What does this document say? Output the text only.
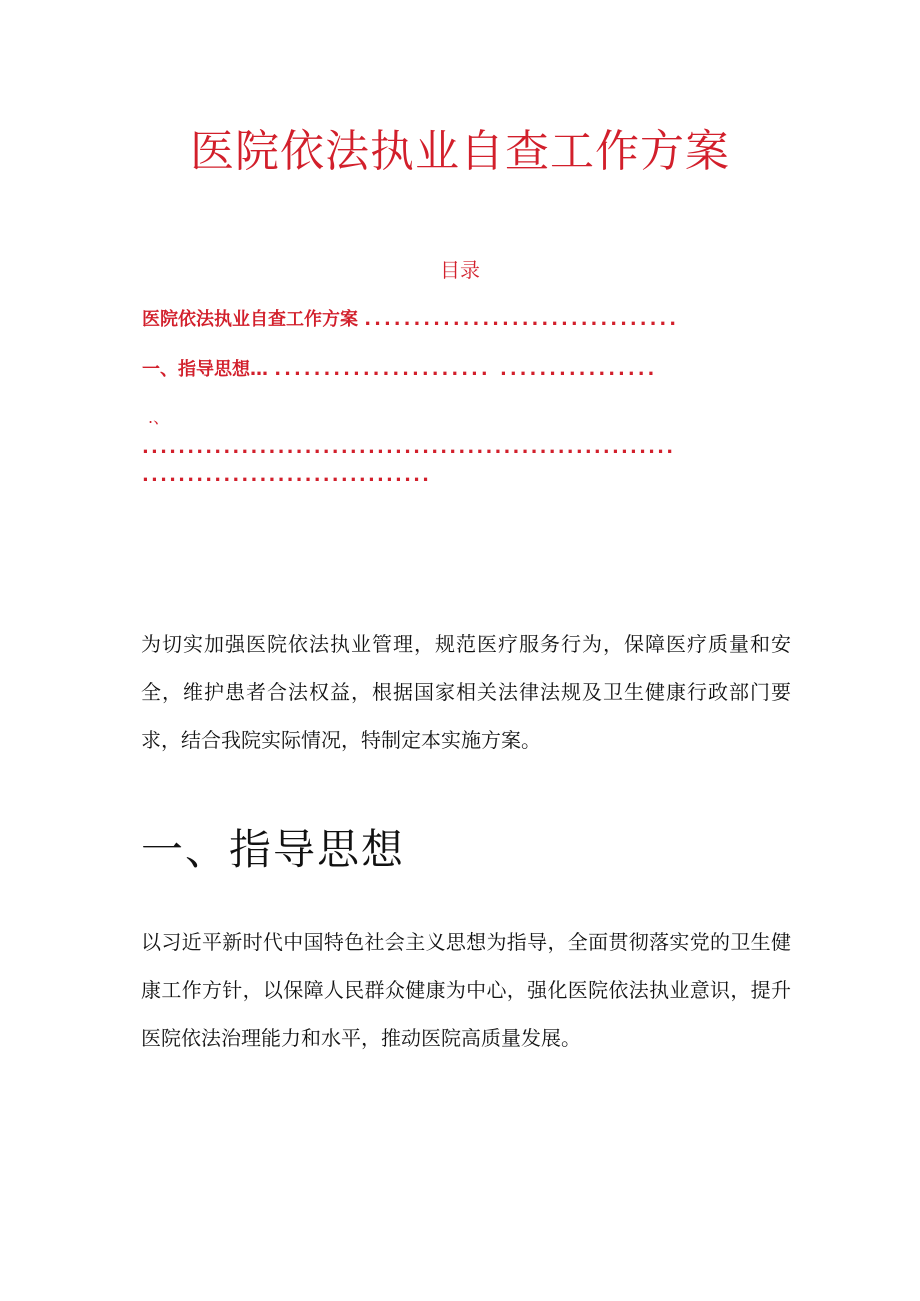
医院依法执业自查工作方案
目录
医院依法执业自查工作方案 ................................
一、指导思想… ...................... ................
.、
...........................................................
................................

为切实加强医院依法执业管理，规范医疗服务行为，保障医疗质量和安全，维护患者合法权益，根据国家相关法律法规及卫生健康行政部门要求，结合我院实际情况，特制定本实施方案。

一、指导思想

以习近平新时代中国特色社会主义思想为指导，全面贯彻落实党的卫生健康工作方针，以保障人民群众健康为中心，强化医院依法执业意识，提升医院依法治理能力和水平，推动医院高质量发展。
